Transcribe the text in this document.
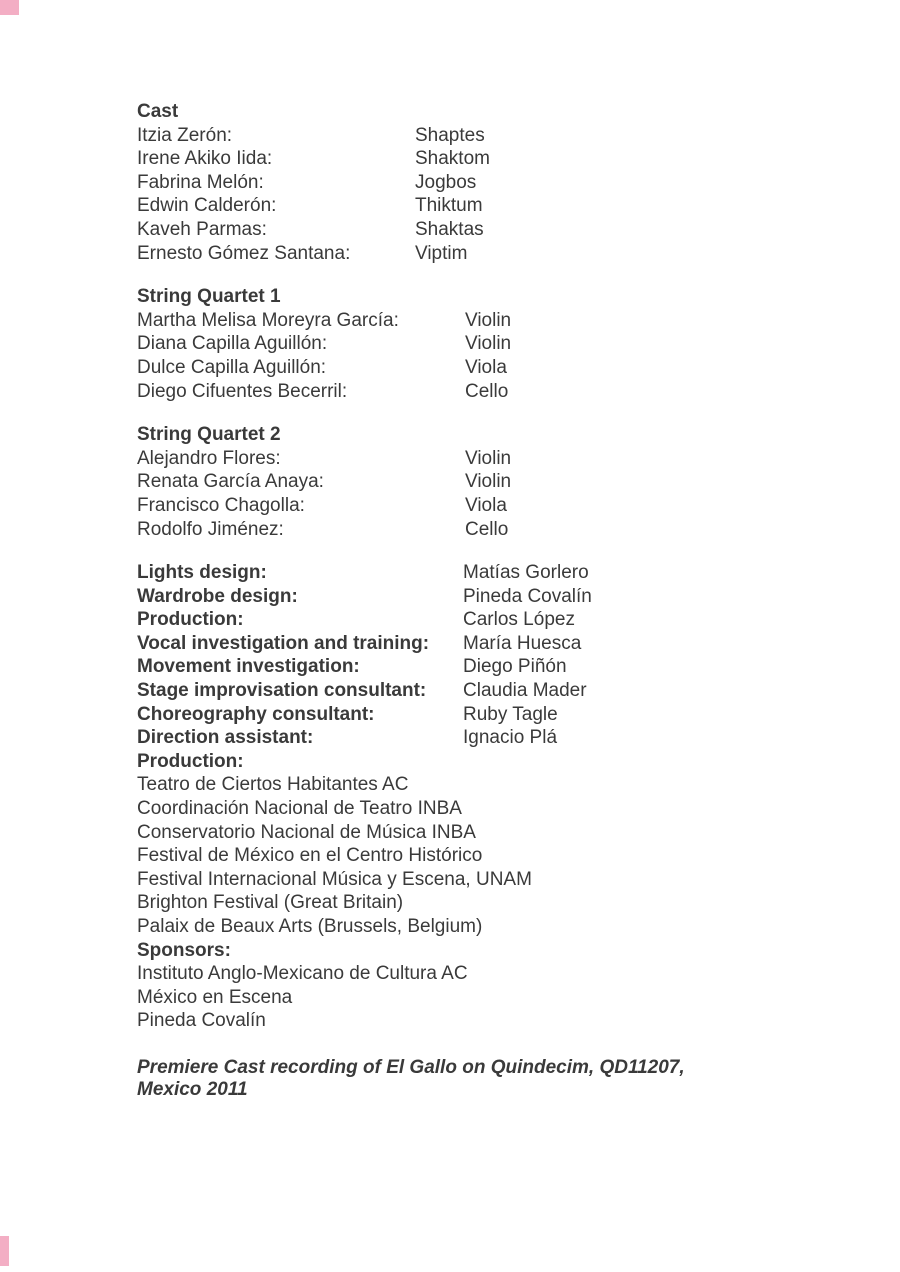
Cast
Itzia Zerón:	Shaptes
Irene Akiko Iida:	Shaktom
Fabrina Melón:	Jogbos
Edwin Calderón:	Thiktum
Kaveh Parmas:	Shaktas
Ernesto Gómez Santana:	Viptim
String Quartet 1
Martha Melisa Moreyra García:	Violin
Diana Capilla Aguillón:	Violin
Dulce Capilla Aguillón:	Viola
Diego Cifuentes Becerril:	Cello
String Quartet 2
Alejandro Flores:	Violin
Renata García Anaya:	Violin
Francisco Chagolla:	Viola
Rodolfo Jiménez:	Cello
Lights design:	Matías Gorlero
Wardrobe design:	Pineda Covalín
Production:	Carlos López
Vocal investigation and training:	María Huesca
Movement investigation:	Diego Piñón
Stage improvisation consultant:	Claudia Mader
Choreography consultant:	Ruby Tagle
Direction assistant:	Ignacio Plá
Production:
Teatro de Ciertos Habitantes AC
Coordinación Nacional de Teatro INBA
Conservatorio Nacional de Música INBA
Festival de México en el Centro Histórico
Festival Internacional Música y Escena, UNAM
Brighton Festival (Great Britain)
Palaix de Beaux Arts (Brussels, Belgium)
Sponsors:
Instituto Anglo-Mexicano de Cultura AC
México en Escena
Pineda Covalín
Premiere Cast recording of El Gallo on Quindecim, QD11207, Mexico 2011
